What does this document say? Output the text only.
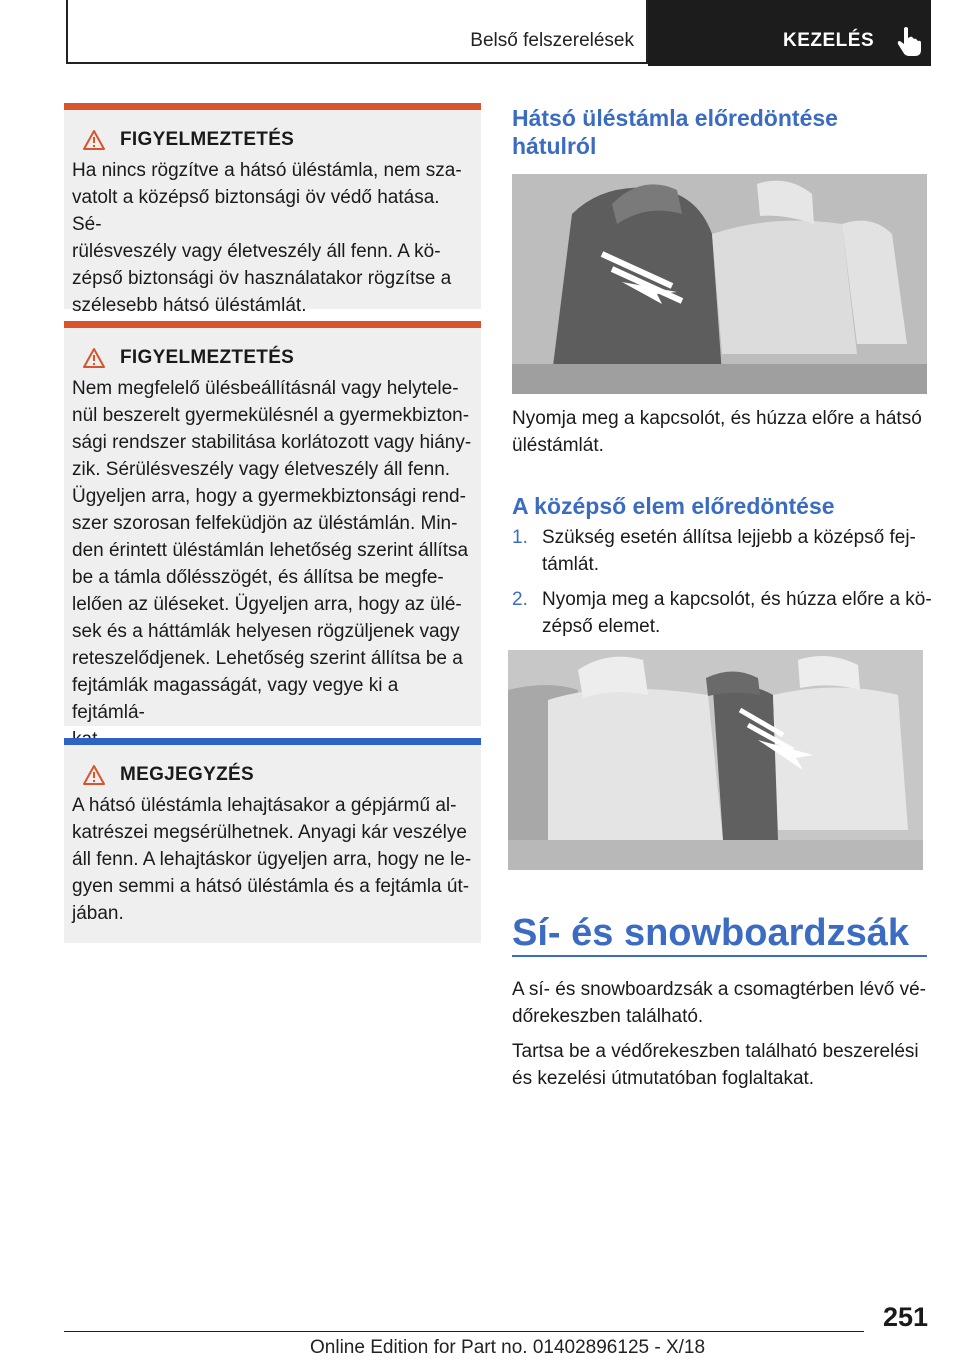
Belső felszerelések	KEZELÉS
FIGYELMEZTETÉS

Ha nincs rögzítve a hátsó üléstámla, nem sza-
vatolt a középső biztonsági öv védő hatása. Sé-
rülésveszély vagy életveszély áll fenn. A kö-
zépső biztonsági öv használatakor rögzítse a
szélesebb hátsó üléstámlát.

FIGYELMEZTETÉS

Nem megfelelő ülésbeállításnál vagy helytele-
nül beszerelt gyermekülésnél a gyermekbizton-
sági rendszer stabilitása korlátozott vagy hiány-
zik. Sérülésveszély vagy életveszély áll fenn.
Ügyeljen arra, hogy a gyermekbiztonsági rend-
szer szorosan felfeküdjön az üléstámlán. Min-
den érintett üléstámlán lehetőség szerint állítsa
be a támla dőlésszögét, és állítsa be megfe-
lelően az üléseket. Ügyeljen arra, hogy az ülé-
sek és a háttámlák helyesen rögzüljenek vagy
reteszelődjenek. Lehetőség szerint állítsa be a
fejtámlák magasságát, vagy vegye ki a fejtámlá-

MEGJEGYZÉS

A hátsó üléstámla lehajtásakor a gépjármű al-
katrészei megsérülhetnek. Anyagi kár veszélye
áll fenn. A lehajtáskor ügyeljen arra, hogy ne le-
gyen semmi a hátsó üléstámla és a fejtámla út-
jában.

Hátsó üléstámla előredöntése
hátulról

Nyomja meg a kapcsolót, és húzza előre a hátsó
üléstámlát.

A középső elem előredöntése
1. Szükség esetén állítsa lejjebb a középső fej-
támlát.
2. Nyomja meg a kapcsolót, és húzza előre a kö-
zépső elemet.
Sí- és snowboardzsák

A sí- és snowboardzsák a csomagtérben lévő vé-
dőrekeszben található.

Tartsa be a védőrekeszben található beszerelési
és kezelési útmutatóban foglaltakat.

251
Online Edition for Part no. 01402896125 - X/18
